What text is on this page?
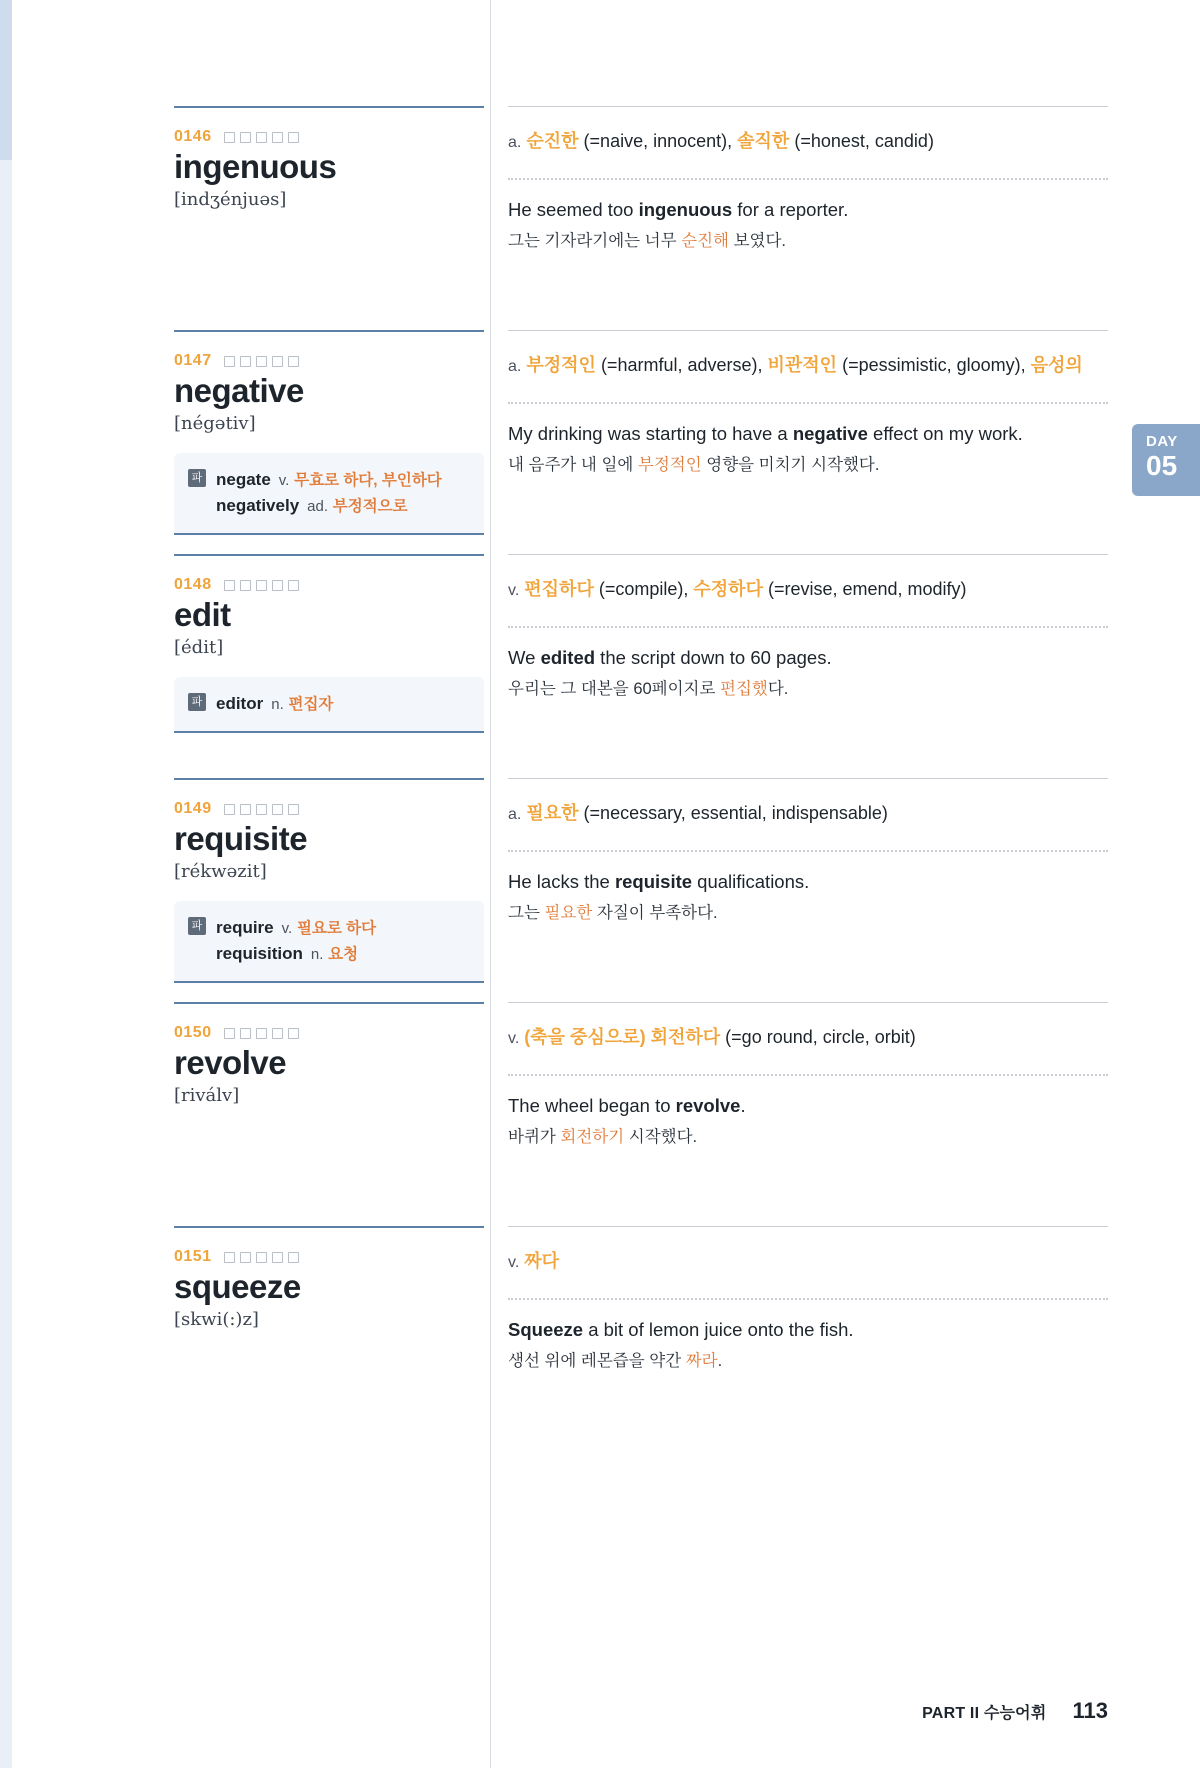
DAY
05
0146
ingenuous
[indʒénjuəs]
a. 순진한 (=naive, innocent), 솔직한 (=honest, candid)
He seemed too ingenuous for a reporter.
그는 기자라기에는 너무 순진해 보였다.
0147
negative
[négətiv]
파 negate v. 무효로 하다, 부인하다
negatively ad. 부정적으로
a. 부정적인 (=harmful, adverse), 비관적인 (=pessimistic, gloomy), 음성의
My drinking was starting to have a negative effect on my work.
내 음주가 내 일에 부정적인 영향을 미치기 시작했다.
0148
edit
[édit]
파 editor n. 편집자
v. 편집하다 (=compile), 수정하다 (=revise, emend, modify)
We edited the script down to 60 pages.
우리는 그 대본을 60페이지로 편집했다.
0149
requisite
[rékwəzit]
파 require v. 필요로 하다
requisition n. 요청
a. 필요한 (=necessary, essential, indispensable)
He lacks the requisite qualifications.
그는 필요한 자질이 부족하다.
0150
revolve
[riválv]
v. (축을 중심으로) 회전하다 (=go round, circle, orbit)
The wheel began to revolve.
바퀴가 회전하기 시작했다.
0151
squeeze
[skwi(:)z]
v. 짜다
Squeeze a bit of lemon juice onto the fish.
생선 위에 레몬즙을 약간 짜라.
PART II 수능어휘 113
